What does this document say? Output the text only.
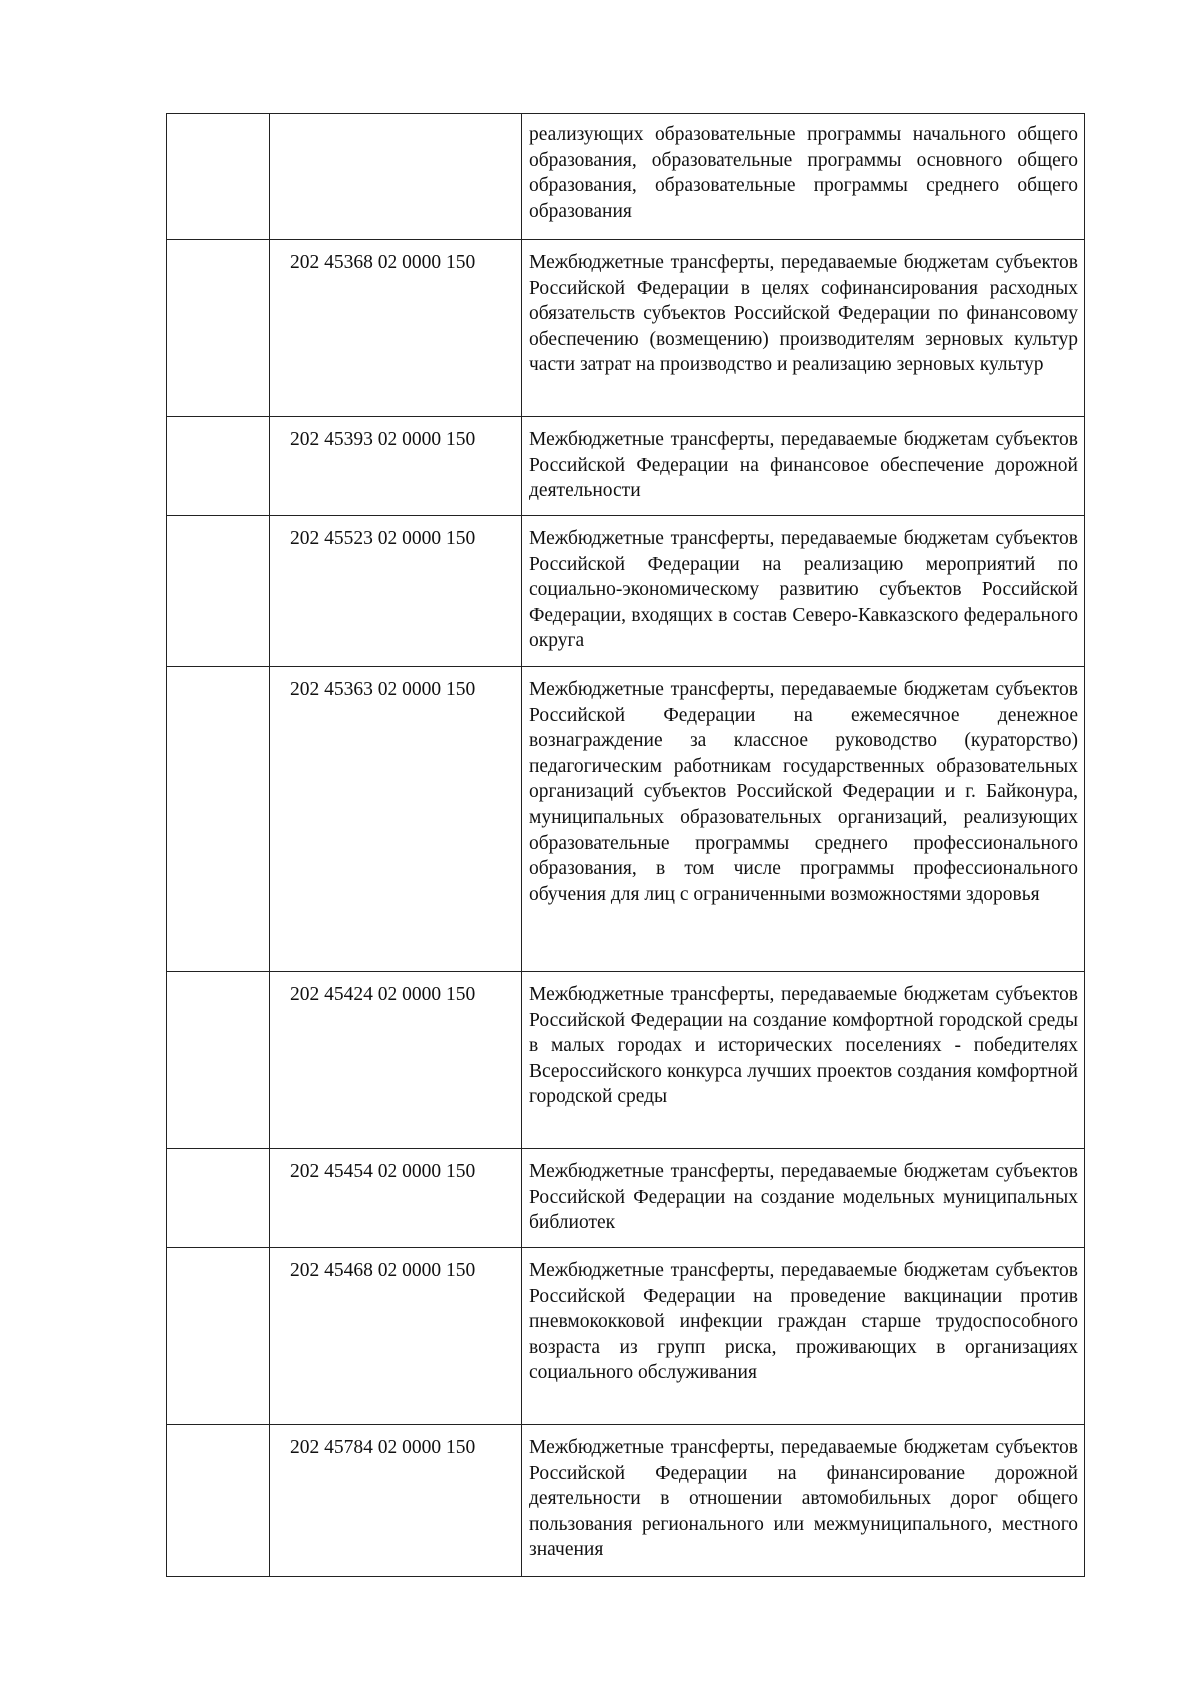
		реализующих образовательные программы начального общего образования, образовательные программы основного общего образования, образовательные программы среднего общего образования
	202 45368 02 0000 150	Межбюджетные трансферты, передаваемые бюджетам субъектов Российской Федерации в целях софинансирования расходных обязательств субъектов Российской Федерации по финансовому обеспечению (возмещению) производителям зерновых культур части затрат на производство и реализацию зерновых культур
	202 45393 02 0000 150	Межбюджетные трансферты, передаваемые бюджетам субъектов Российской Федерации на финансовое обеспечение дорожной деятельности
	202 45523 02 0000 150	Межбюджетные трансферты, передаваемые бюджетам субъектов Российской Федерации на реализацию мероприятий по социально-экономическому развитию субъектов Российской Федерации, входящих в состав Северо-Кавказского федерального округа
	202 45363 02 0000 150	Межбюджетные трансферты, передаваемые бюджетам субъектов Российской Федерации на ежемесячное денежное вознаграждение за классное руководство (кураторство) педагогическим работникам государственных образовательных организаций субъектов Российской Федерации и г. Байконура, муниципальных образовательных организаций, реализующих образовательные программы среднего профессионального образования, в том числе программы профессионального обучения для лиц с ограниченными возможностями здоровья
	202 45424 02 0000 150	Межбюджетные трансферты, передаваемые бюджетам субъектов Российской Федерации на создание комфортной городской среды в малых городах и исторических поселениях - победителях Всероссийского конкурса лучших проектов создания комфортной городской среды
	202 45454 02 0000 150	Межбюджетные трансферты, передаваемые бюджетам субъектов Российской Федерации на создание модельных муниципальных библиотек
	202 45468 02 0000 150	Межбюджетные трансферты, передаваемые бюджетам субъектов Российской Федерации на проведение вакцинации против пневмококковой инфекции граждан старше трудоспособного возраста из групп риска, проживающих в организациях социального обслуживания
	202 45784 02 0000 150	Межбюджетные трансферты, передаваемые бюджетам субъектов Российской Федерации на финансирование дорожной деятельности в отношении автомобильных дорог общего пользования регионального или межмуниципального, местного значения
